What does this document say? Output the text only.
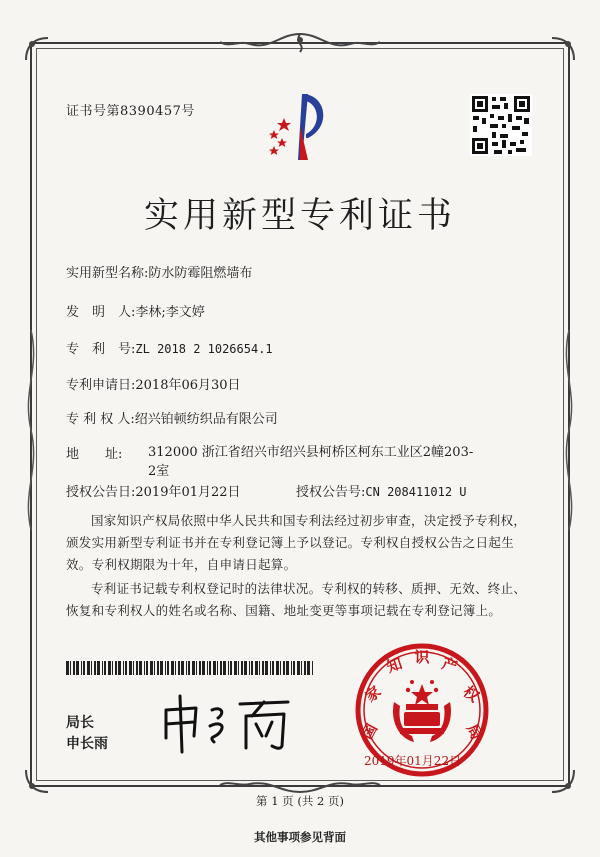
证书号第8390457号
实用新型专利证书
实用新型名称:防水防霉阻燃墙布
发　明　人:李林;李文婷
专　利　号:ZL 2018 2 1026654.1
专利申请日:2018年06月30日
专 利 权 人:绍兴铂顿纺织品有限公司
地　　址: 312000 浙江省绍兴市绍兴县柯桥区柯东工业区2幢203-2室
授权公告日:2019年01月22日	授权公告号:CN 208411012 U
国家知识产权局依照中华人民共和国专利法经过初步审查，决定授予专利权，颁发实用新型专利证书并在专利登记簿上予以登记。专利权自授权公告之日起生效。专利权期限为十年，自申请日起算。
专利证书记载专利权登记时的法律状况。专利权的转移、质押、无效、终止、恢复和专利权人的姓名或名称、国籍、地址变更等事项记载在专利登记簿上。
局长
申长雨
国
家
知 识 产
权
局
2019年01月22日
第 1 页 (共 2 页)
其他事项参见背面
